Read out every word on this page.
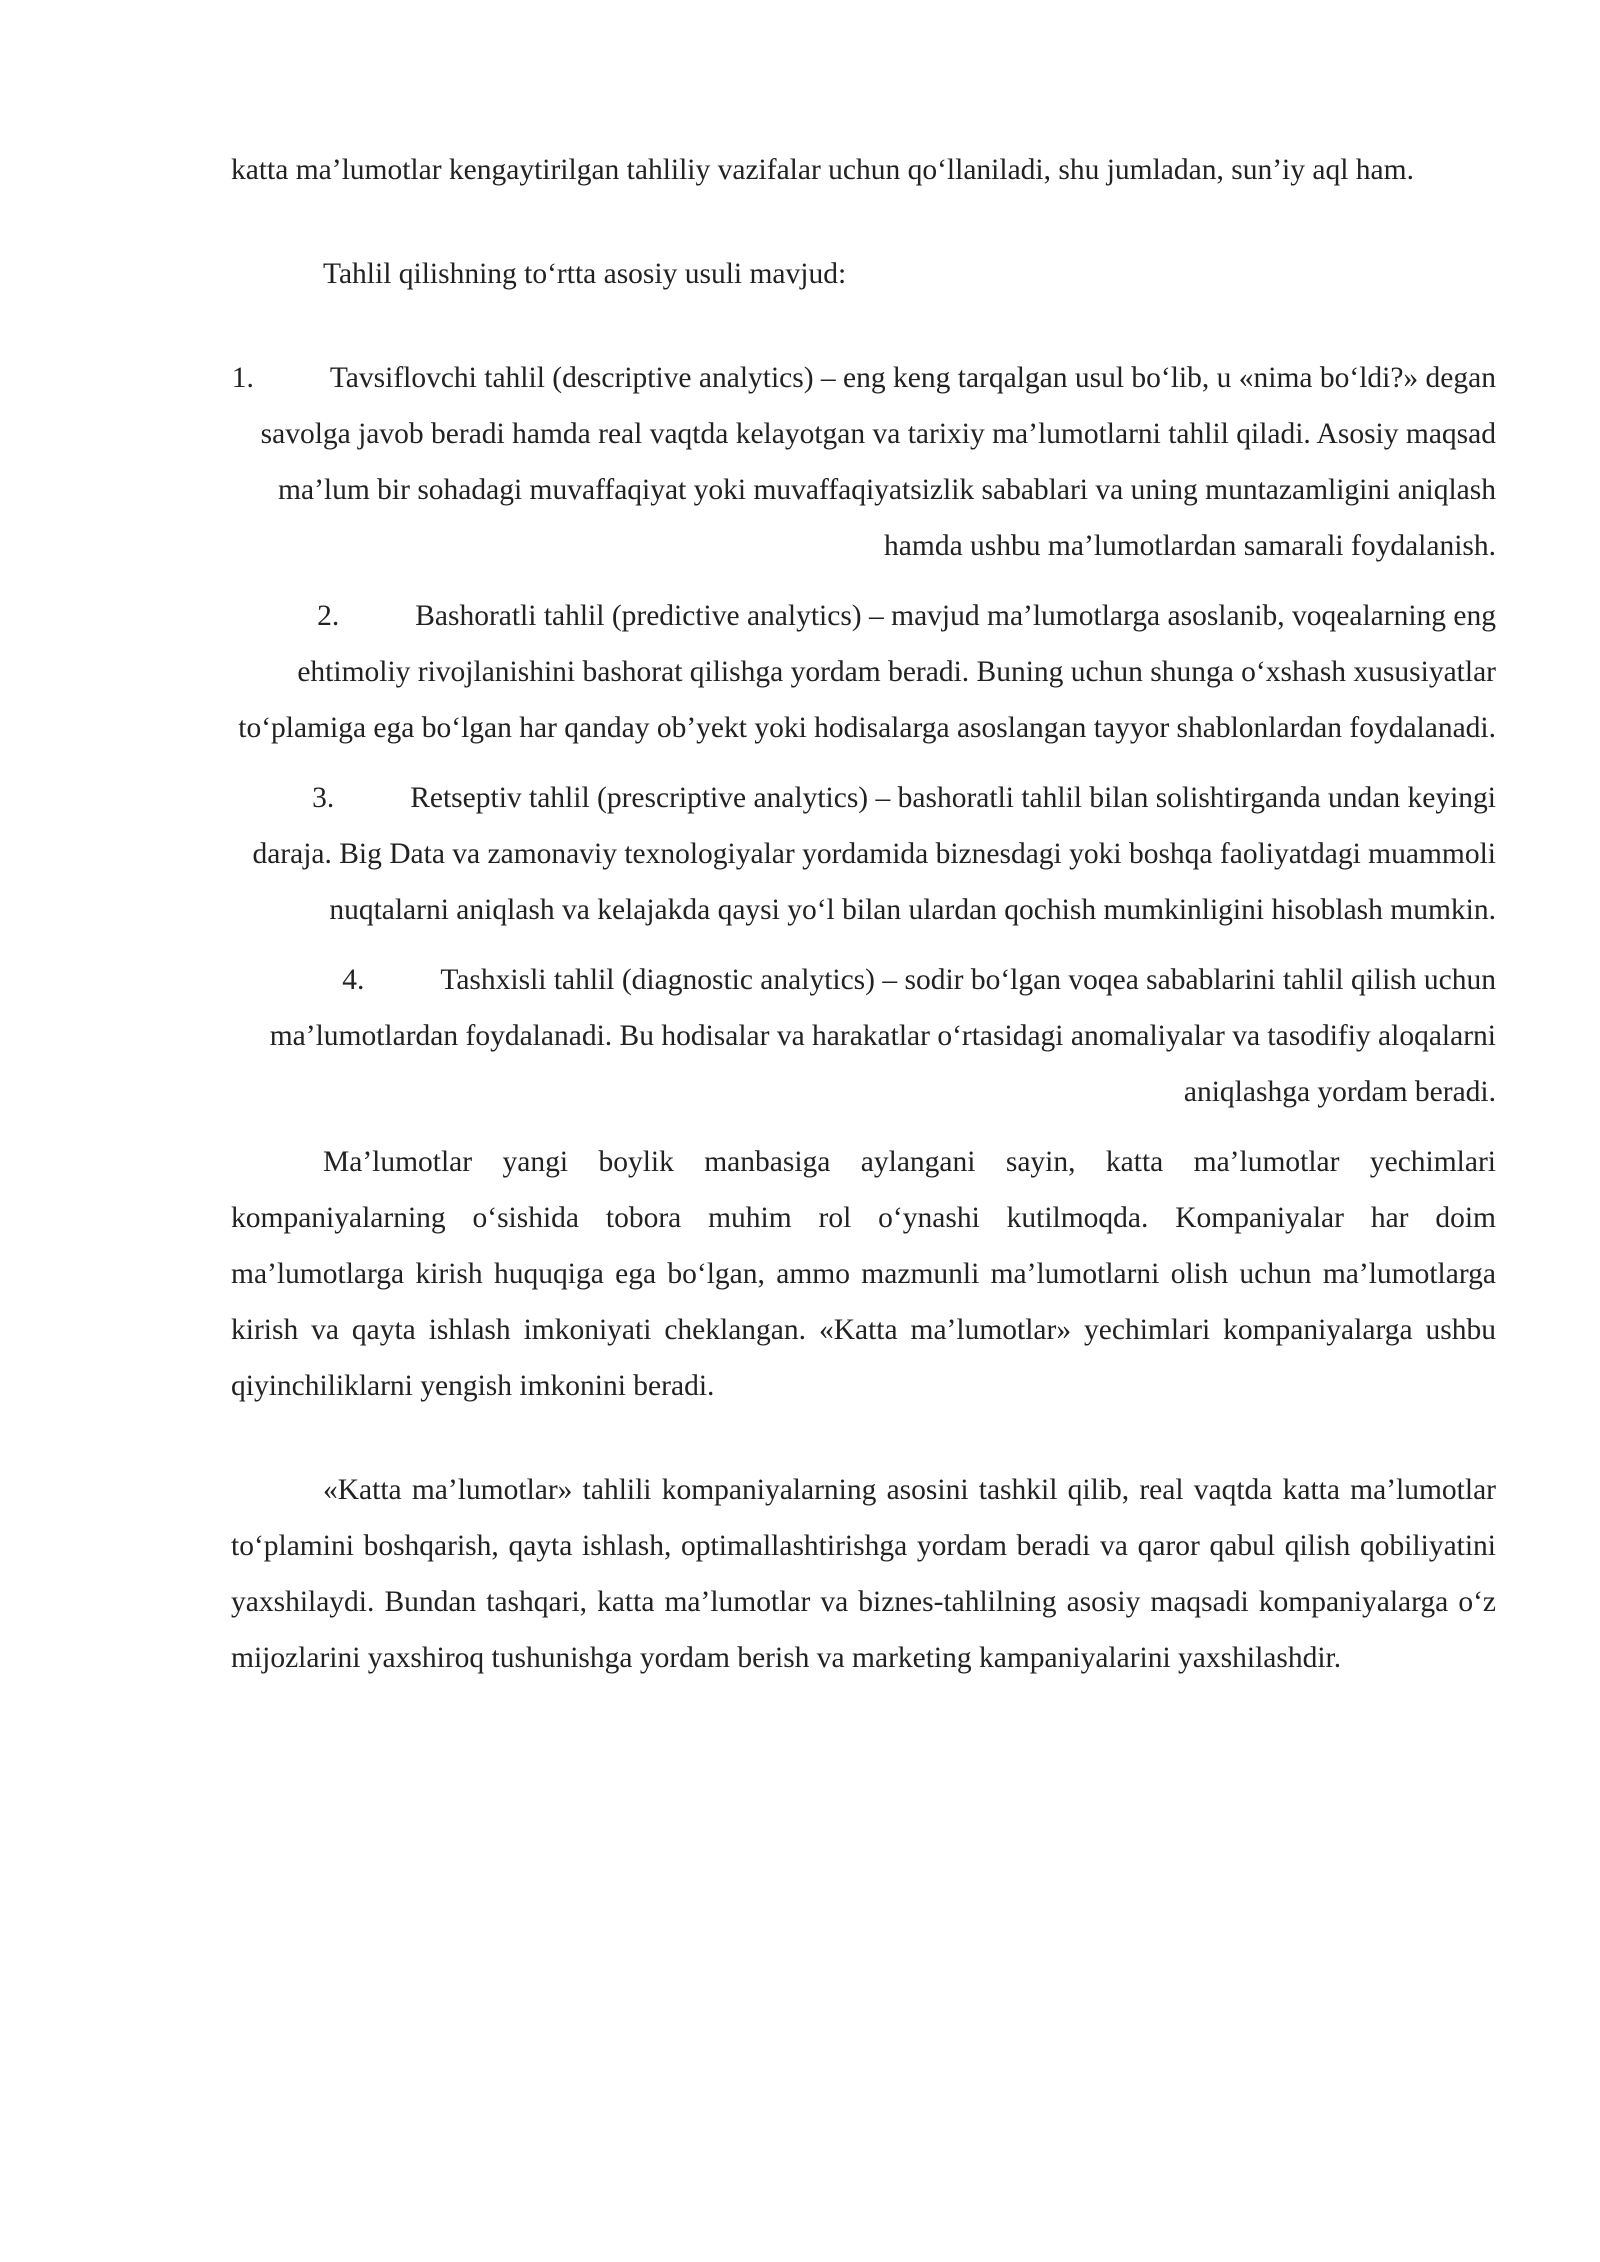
katta ma’lumotlar kengaytirilgan tahliliy vazifalar uchun qo‘llaniladi, shu jumladan, sun’iy aql ham.

Tahlil qilishning to‘rtta asosiy usuli mavjud:

1.	Tavsiflovchi tahlil (descriptive analytics) – eng keng tarqalgan usul bo‘lib, u «nima bo‘ldi?» degan savolga javob beradi hamda real vaqtda kelayotgan va tarixiy ma’lumotlarni tahlil qiladi. Asosiy maqsad ma’lum bir sohadagi muvaffaqiyat yoki muvaffaqiyatsizlik sabablari va uning muntazamligini aniqlash hamda ushbu ma’lumotlardan samarali foydalanish.

2.	Bashoratli tahlil (predictive analytics) – mavjud ma’lumotlarga asoslanib, voqealarning eng ehtimoliy rivojlanishini bashorat qilishga yordam beradi. Buning uchun shunga o‘xshash xususiyatlar to‘plamiga ega bo‘lgan har qanday ob’yekt yoki hodisalarga asoslangan tayyor shablonlardan foydalanadi.

3.	Retseptiv tahlil (prescriptive analytics) – bashoratli tahlil bilan solishtirganda undan keyingi daraja. Big Data va zamonaviy texnologiyalar yordamida biznesdagi yoki boshqa faoliyatdagi muammoli nuqtalarni aniqlash va kelajakda qaysi yo‘l bilan ulardan qochish mumkinligini hisoblash mumkin.

4.	Tashxisli tahlil (diagnostic analytics) – sodir bo‘lgan voqea sabablarini tahlil qilish uchun ma’lumotlardan foydalanadi. Bu hodisalar va harakatlar o‘rtasidagi anomaliyalar va tasodifiy aloqalarni aniqlashga yordam beradi.

Ma’lumotlar yangi boylik manbasiga aylangani sayin, katta ma’lumotlar yechimlari kompaniyalarning o‘sishida tobora muhim rol o‘ynashi kutilmoqda. Kompaniyalar har doim ma’lumotlarga kirish huquqiga ega bo‘lgan, ammo mazmunli ma’lumotlarni olish uchun ma’lumotlarga kirish va qayta ishlash imkoniyati cheklangan. «Katta ma’lumotlar» yechimlari kompaniyalarga ushbu qiyinchiliklarni yengish imkonini beradi.

«Katta ma’lumotlar» tahlili kompaniyalarning asosini tashkil qilib, real vaqtda katta ma’lumotlar to‘plamini boshqarish, qayta ishlash, optimallashtirishga yordam beradi va qaror qabul qilish qobiliyatini yaxshilaydi. Bundan tashqari, katta ma’lumotlar va biznes-tahlilning asosiy maqsadi kompaniyalarga o‘z mijozlarini yaxshiroq tushunishga yordam berish va marketing kampaniyalarini yaxshilashdir.
